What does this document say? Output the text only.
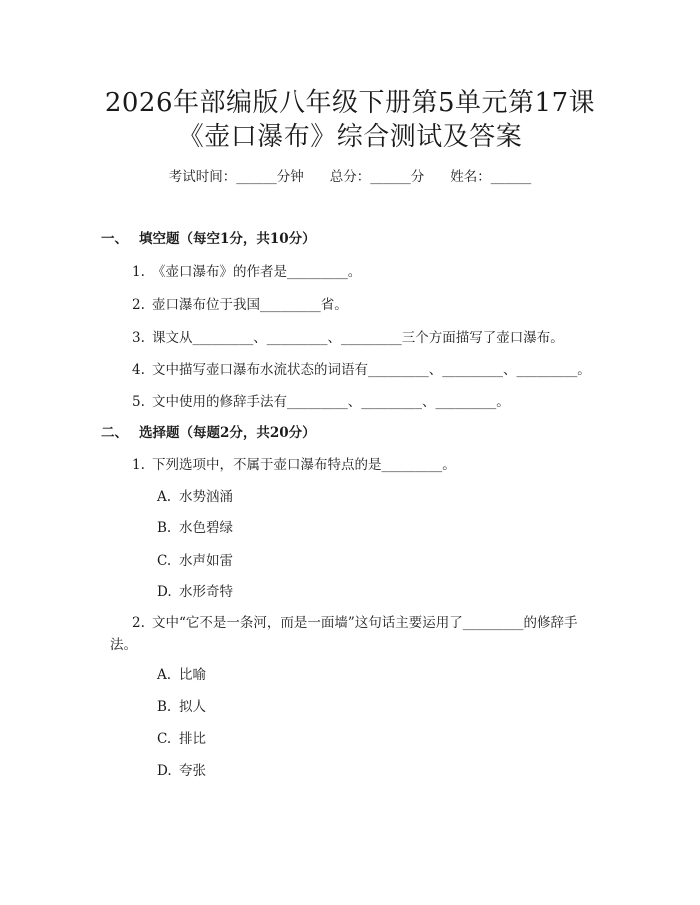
2026年部编版八年级下册第5单元第17课
《壶口瀑布》综合测试及答案
考试时间：______分钟 总分：______分 姓名：______
一、 填空题（每空1分，共10分）
1. 《壶口瀑布》的作者是_________。
2. 壶口瀑布位于我国_________省。
3. 课文从_________、_________、_________三个方面描写了壶口瀑布。
4. 文中描写壶口瀑布水流状态的词语有_________、_________、_________。
5. 文中使用的修辞手法有_________、_________、_________。
二、 选择题（每题2分，共20分）
1. 下列选项中，不属于壶口瀑布特点的是_________。
A. 水势汹涌
B. 水色碧绿
C. 水声如雷
D. 水形奇特
2. 文中“它不是一条河，而是一面墙”这句话主要运用了_________的修辞手法。
A. 比喻
B. 拟人
C. 排比
D. 夸张
